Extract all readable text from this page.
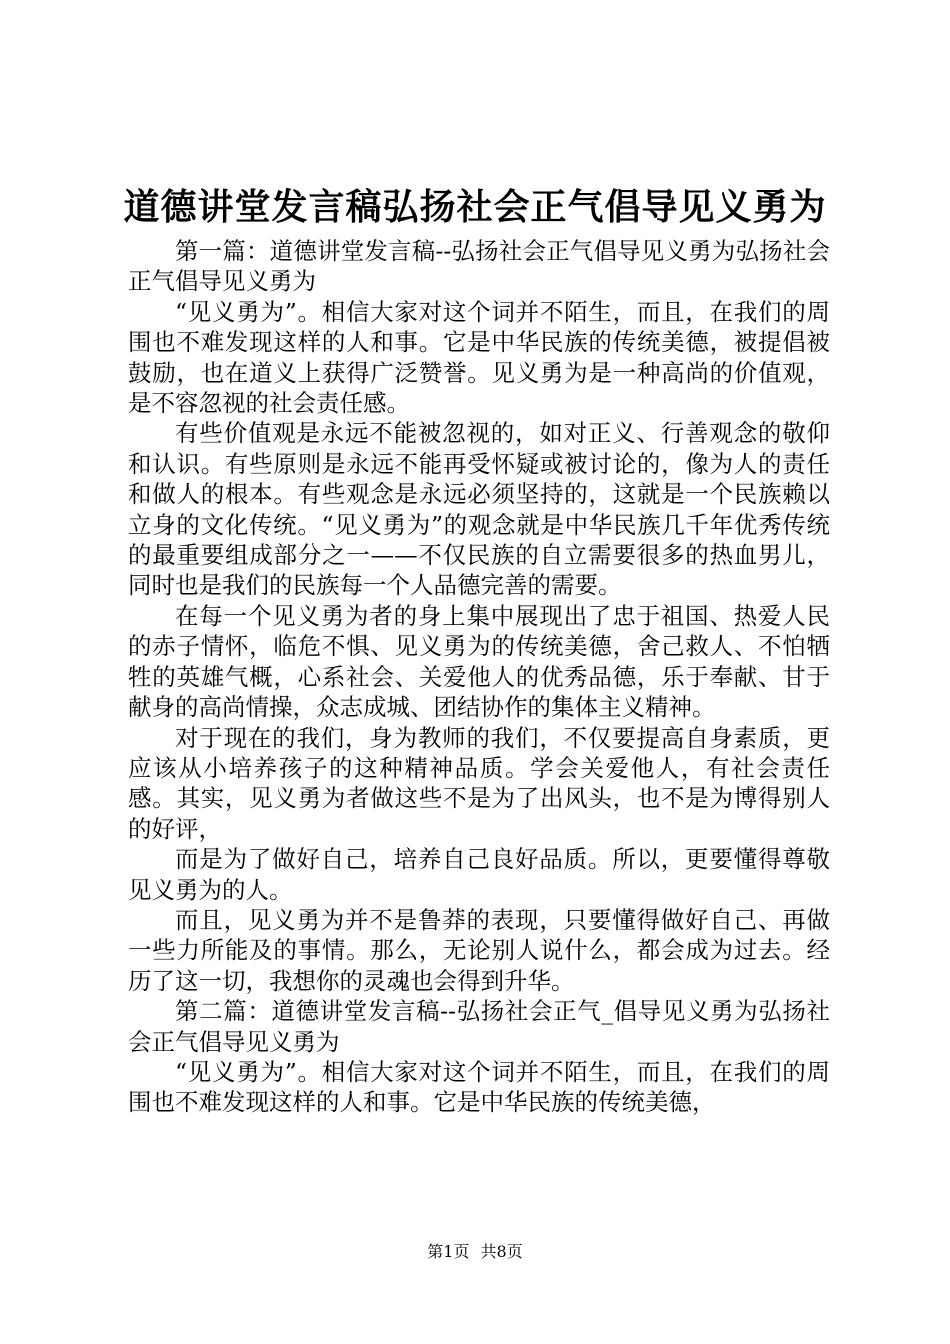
道德讲堂发言稿弘扬社会正气倡导见义勇为

第一篇：道德讲堂发言稿--弘扬社会正气倡导见义勇为弘扬社会正气倡导见义勇为

“见义勇为”。相信大家对这个词并不陌生，而且，在我们的周围也不难发现这样的人和事。它是中华民族的传统美德，被提倡被鼓励，也在道义上获得广泛赞誉。见义勇为是一种高尚的价值观，是不容忽视的社会责任感。

有些价值观是永远不能被忽视的，如对正义、行善观念的敬仰和认识。有些原则是永远不能再受怀疑或被讨论的，像为人的责任和做人的根本。有些观念是永远必须坚持的，这就是一个民族赖以立身的文化传统。“见义勇为”的观念就是中华民族几千年优秀传统的最重要组成部分之一——不仅民族的自立需要很多的热血男儿，同时也是我们的民族每一个人品德完善的需要。

在每一个见义勇为者的身上集中展现出了忠于祖国、热爱人民的赤子情怀，临危不惧、见义勇为的传统美德，舍己救人、不怕牺牲的英雄气概，心系社会、关爱他人的优秀品德，乐于奉献、甘于献身的高尚情操，众志成城、团结协作的集体主义精神。

对于现在的我们，身为教师的我们，不仅要提高自身素质，更应该从小培养孩子的这种精神品质。学会关爱他人，有社会责任感。其实，见义勇为者做这些不是为了出风头，也不是为博得别人的好评，

而是为了做好自己，培养自己良好品质。所以，更要懂得尊敬见义勇为的人。

而且，见义勇为并不是鲁莽的表现，只要懂得做好自己、再做一些力所能及的事情。那么，无论别人说什么，都会成为过去。经历了这一切，我想你的灵魂也会得到升华。

第二篇：道德讲堂发言稿--弘扬社会正气_倡导见义勇为弘扬社会正气倡导见义勇为

“见义勇为”。相信大家对这个词并不陌生，而且，在我们的周围也不难发现这样的人和事。它是中华民族的传统美德，

第1页 共8页
